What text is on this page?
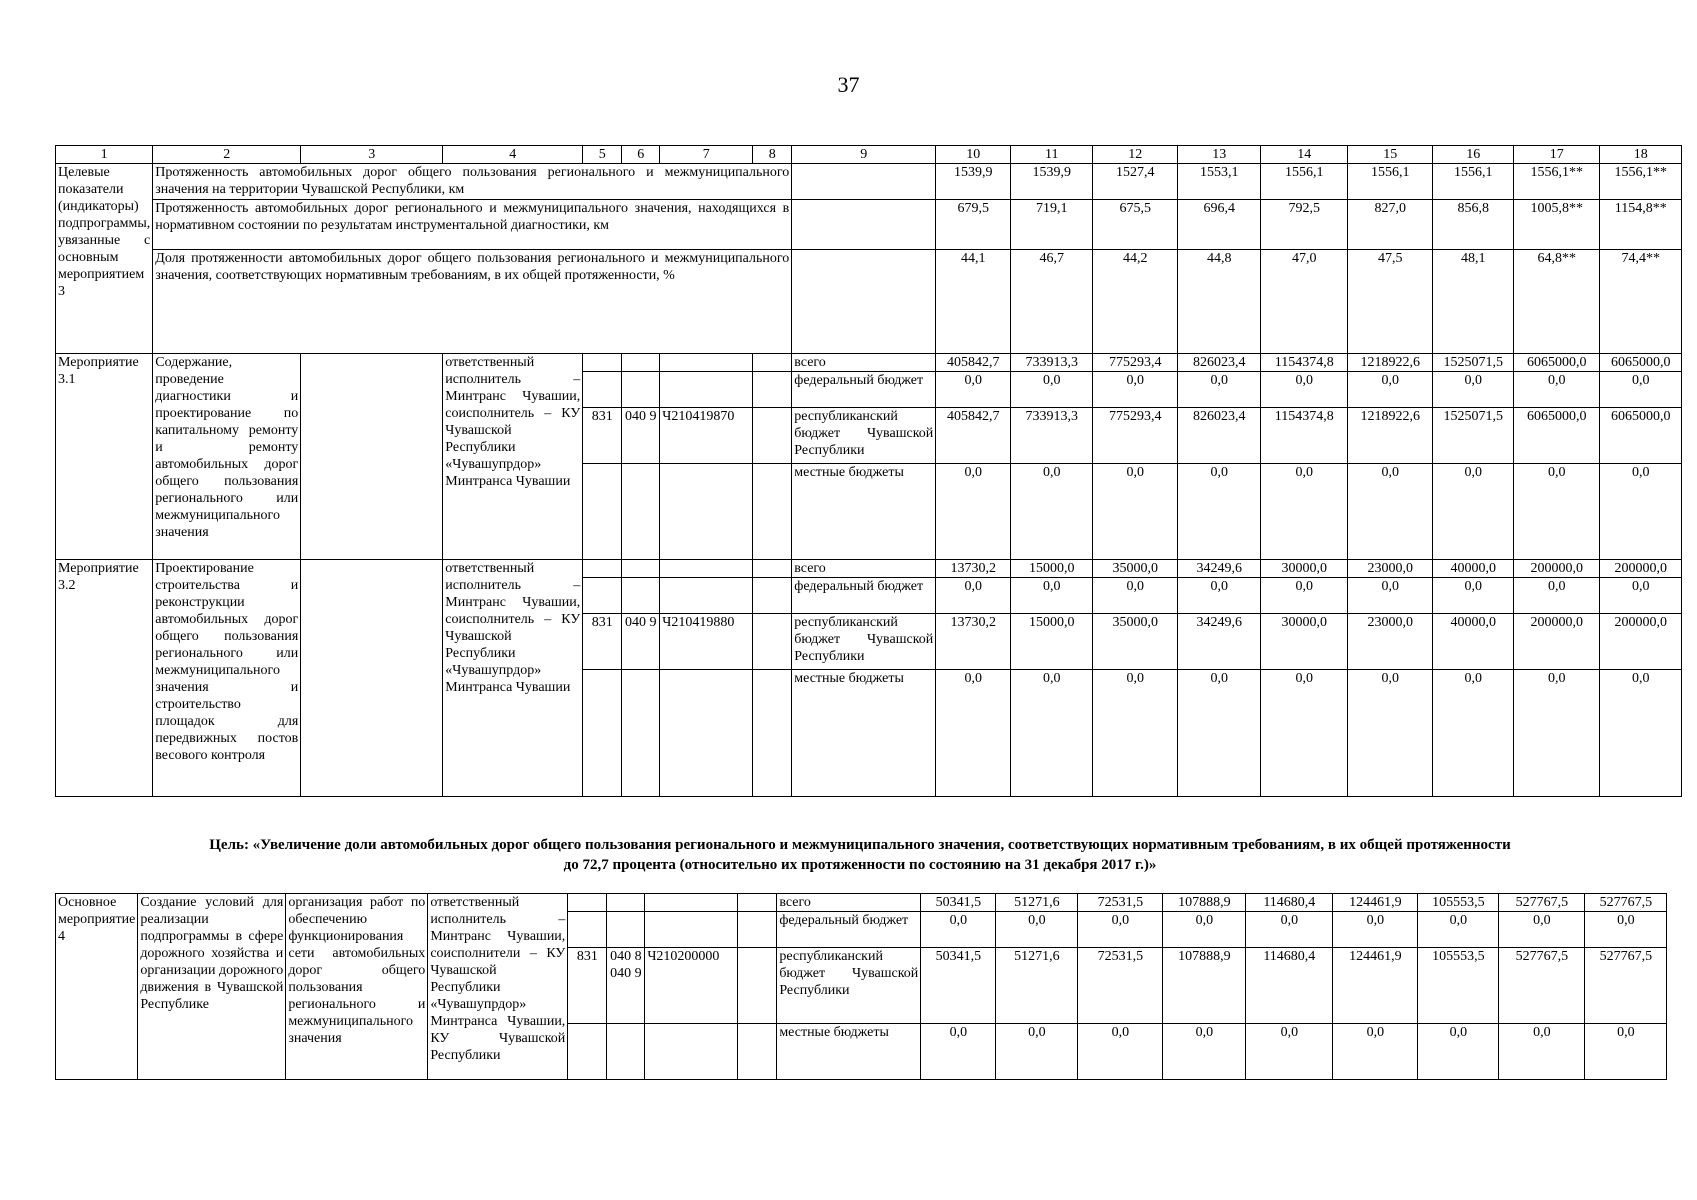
37
1	2	3	4	5	6	7	8	9	10	11	12	13	14	15	16	17	18
Целевые показатели (индикаторы) подпрограммы, увязанные с основным мероприятием 3	Протяженность автомобильных дорог общего пользования регионального и межмуниципального значения на территории Чувашской Республики, км								1539,9	1539,9	1527,4	1553,1	1556,1	1556,1	1556,1	1556,1**	1556,1**
	Протяженность автомобильных дорог регионального и межмуниципального значения, находящихся в нормативном состоянии по результатам инструментальной диагностики, км								679,5	719,1	675,5	696,4	792,5	827,0	856,8	1005,8**	1154,8**
	Доля протяженности автомобильных дорог общего пользования регионального и межмуниципального значения, соответствующих нормативным требованиям, в их общей протяженности, %								44,1	46,7	44,2	44,8	47,0	47,5	48,1	64,8**	74,4**
Мероприятие 3.1	Содержание, проведение диагностики и проектирование по капитальному ремонту и ремонту автомобильных дорог общего пользования регионального или межмуниципального значения		ответственный исполнитель – Минтранс Чувашии, соисполнитель – КУ Чувашской Республики «Чувашупрдор» Минтранса Чувашии					всего	405842,7	733913,3	775293,4	826023,4	1154374,8	1218922,6	1525071,5	6065000,0	6065000,0
								федеральный бюджет	0,0	0,0	0,0	0,0	0,0	0,0	0,0	0,0	0,0
				831	040 9	Ч210419870		республиканский бюджет Чувашской Республики	405842,7	733913,3	775293,4	826023,4	1154374,8	1218922,6	1525071,5	6065000,0	6065000,0
								местные бюджеты	0,0	0,0	0,0	0,0	0,0	0,0	0,0	0,0	0,0
Мероприятие 3.2	Проектирование строительства и реконструкции автомобильных дорог общего пользования регионального или межмуниципального значения и строительство площадок для передвижных постов весового контроля		ответственный исполнитель – Минтранс Чувашии, соисполнитель – КУ Чувашской Республики «Чувашупрдор» Минтранса Чувашии					всего	13730,2	15000,0	35000,0	34249,6	30000,0	23000,0	40000,0	200000,0	200000,0
								федеральный бюджет	0,0	0,0	0,0	0,0	0,0	0,0	0,0	0,0	0,0
				831	040 9	Ч210419880		республиканский бюджет Чувашской Республики	13730,2	15000,0	35000,0	34249,6	30000,0	23000,0	40000,0	200000,0	200000,0
								местные бюджеты	0,0	0,0	0,0	0,0	0,0	0,0	0,0	0,0	0,0
Цель: «Увеличение доли автомобильных дорог общего пользования регионального и межмуниципального значения, соответствующих нормативным требованиям, в их общей протяженности
до 72,7 процента (относительно их протяженности по состоянию на 31 декабря 2017 г.)»
Основное мероприятие 4	Создание условий для реализации подпрограммы в сфере дорожного хозяйства и организации дорожного движения в Чувашской Республике	организация работ по обеспечению функционирования сети автомобильных дорог общего пользования регионального и межмуниципального значения	ответственный исполнитель – Минтранс Чувашии, соисполнители – КУ Чувашской Республики «Чувашупрдор» Минтранса Чувашии, КУ Чувашской Республики					всего	50341,5	51271,6	72531,5	107888,9	114680,4	124461,9	105553,5	527767,5	527767,5
								федеральный бюджет	0,0	0,0	0,0	0,0	0,0	0,0	0,0	0,0	0,0
				831	040 8 040 9	Ч210200000		республиканский бюджет Чувашской Республики	50341,5	51271,6	72531,5	107888,9	114680,4	124461,9	105553,5	527767,5	527767,5
								местные бюджеты	0,0	0,0	0,0	0,0	0,0	0,0	0,0	0,0	0,0
